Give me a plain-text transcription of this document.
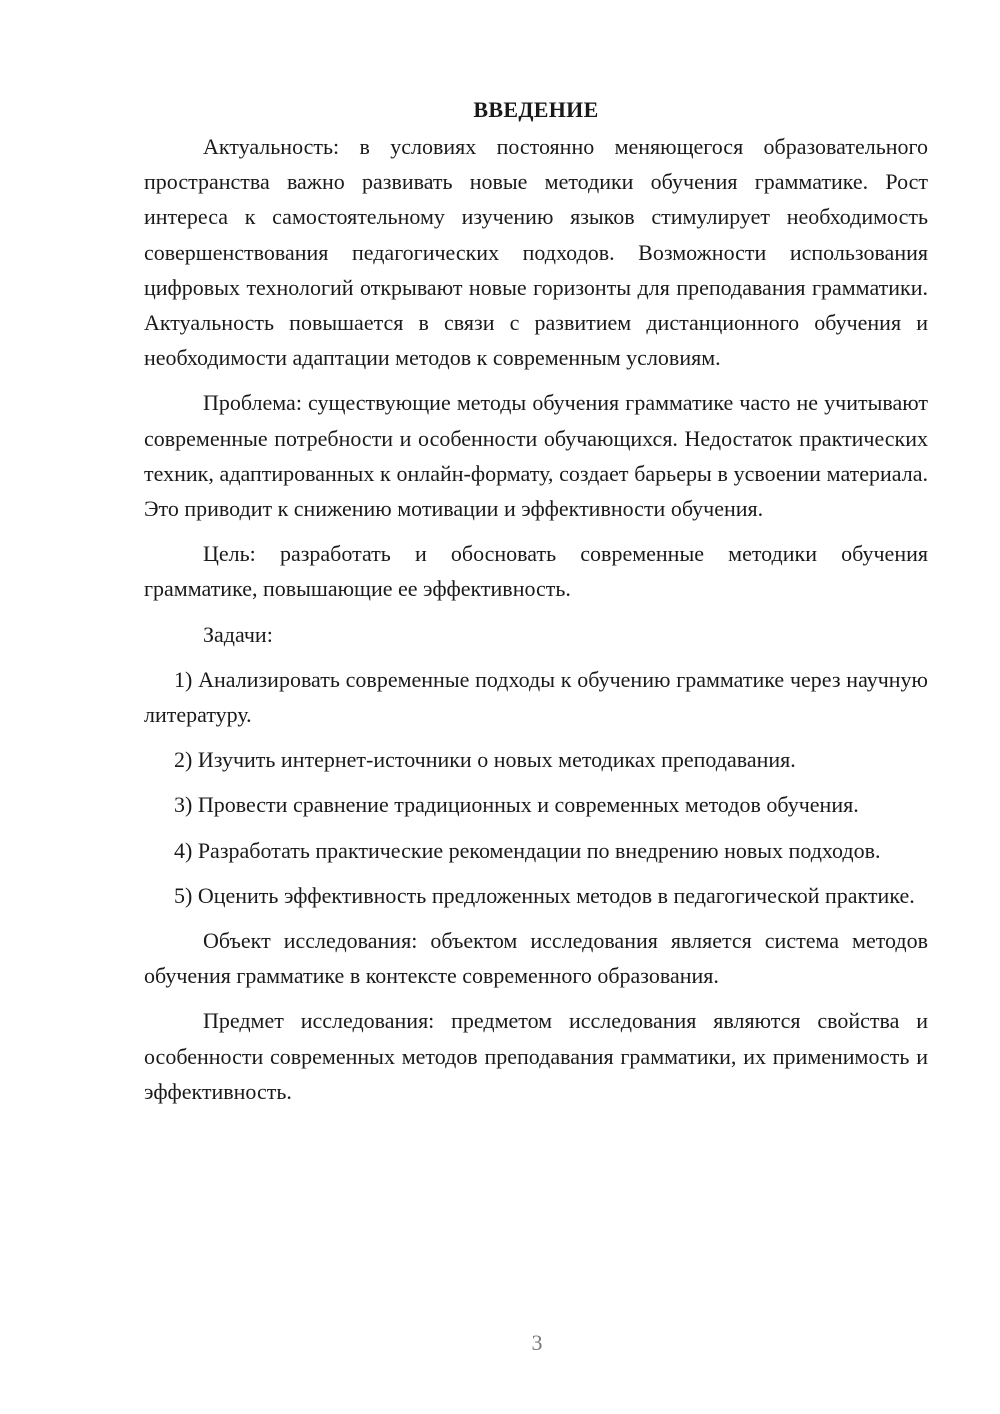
ВВЕДЕНИЕ

Актуальность: в условиях постоянно меняющегося образовательного пространства важно развивать новые методики обучения грамматике. Рост интереса к самостоятельному изучению языков стимулирует необходимость совершенствования педагогических подходов. Возможности использования цифровых технологий открывают новые горизонты для преподавания грамматики. Актуальность повышается в связи с развитием дистанционного обучения и необходимости адаптации методов к современным условиям.

Проблема: существующие методы обучения грамматике часто не учитывают современные потребности и особенности обучающихся. Недостаток практических техник, адаптированных к онлайн-формату, создает барьеры в усвоении материала. Это приводит к снижению мотивации и эффективности обучения.

Цель: разработать и обосновать современные методики обучения грамматике, повышающие ее эффективность.

Задачи:

1) Анализировать современные подходы к обучению грамматике через научную литературу.

2) Изучить интернет-источники о новых методиках преподавания.

3) Провести сравнение традиционных и современных методов обучения.

4) Разработать практические рекомендации по внедрению новых подходов.

5) Оценить эффективность предложенных методов в педагогической практике.

Объект исследования: объектом исследования является система методов обучения грамматике в контексте современного образования.

Предмет исследования: предметом исследования являются свойства и особенности современных методов преподавания грамматики, их применимость и эффективность.

3
